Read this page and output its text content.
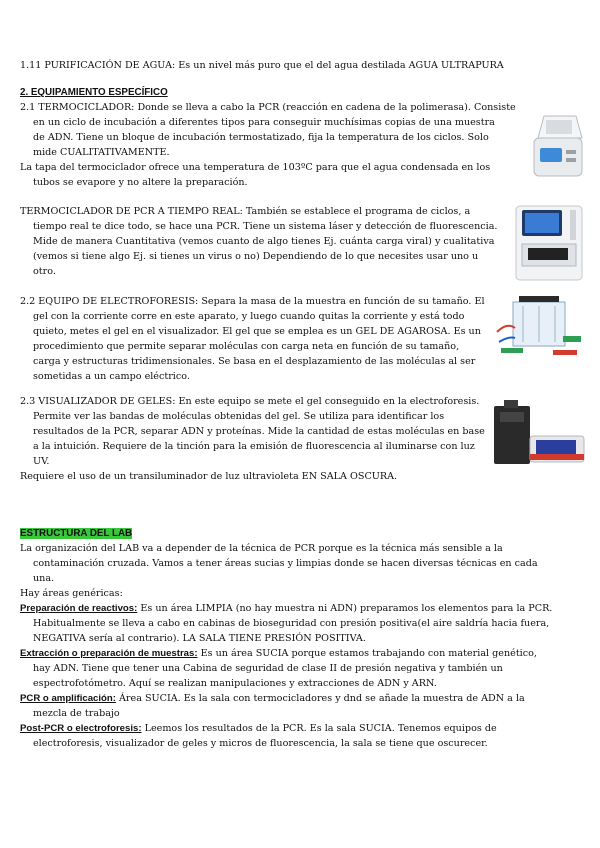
1.11 PURIFICACIÓN DE AGUA: Es un nivel más puro que el del agua destilada AGUA ULTRAPURA
2. EQUIPAMIENTO ESPECÍFICO
2.1 TERMOCICLADOR: Donde se lleva a cabo la PCR (reacción en cadena de la polimerasa). Consiste
en un ciclo de incubación a diferentes tipos para conseguir muchísimas copias de una muestra
de ADN. Tiene un bloque de incubación termostatizado, fija la temperatura de los ciclos. Solo
mide CUALITATIVAMENTE.
La tapa del termociclador ofrece una temperatura de 103ºC para que el agua condensada en los
tubos se evapore y no altere la preparación.
TERMOCICLADOR DE PCR A TIEMPO REAL: También se establece el programa de ciclos, a
tiempo real te dice todo, se hace una PCR. Tiene un sistema láser y detección de fluorescencia.
Mide de manera Cuantitativa (vemos cuanto de algo tienes Ej. cuánta carga viral) y cualitativa
(vemos si tiene algo Ej. si tienes un virus o no) Dependiendo de lo que necesites usar uno u
otro.
2.2 EQUIPO DE ELECTROFORESIS: Separa la masa de la muestra en función de su tamaño. El
gel con la corriente corre en este aparato, y luego cuando quitas la corriente y está todo
quieto, metes el gel en el visualizador. El gel que se emplea es un GEL DE AGAROSA. Es un
procedimiento que permite separar moléculas con carga neta en función de su tamaño,
carga y estructuras tridimensionales. Se basa en el desplazamiento de las moléculas al ser
sometidas a un campo eléctrico.
2.3 VISUALIZADOR DE GELES: En este equipo se mete el gel conseguido en la electroforesis.
Permite ver las bandas de moléculas obtenidas del gel. Se utiliza para identificar los
resultados de la PCR, separar ADN y proteínas. Mide la cantidad de estas moléculas en base
a la intuición. Requiere de la tinción para la emisión de fluorescencia al iluminarse con luz
UV.
Requiere el uso de un transiluminador de luz ultravioleta EN SALA OSCURA.
ESTRUCTURA DEL LAB
La organización del LAB va a depender de la técnica de PCR porque es la técnica más sensible a la
contaminación cruzada. Vamos a tener áreas sucias y limpias donde se hacen diversas técnicas en cada
una.
Hay áreas genéricas:
Preparación de reactivos: Es un área LIMPIA (no hay muestra ni ADN) preparamos los elementos para la PCR.
Habitualmente se lleva a cabo en cabinas de bioseguridad con presión positiva(el aire saldría hacia fuera,
NEGATIVA sería al contrario). LA SALA TIENE PRESIÓN POSITIVA.
Extracción o preparación de muestras: Es un área SUCIA porque estamos trabajando con material genético,
hay ADN. Tiene que tener una Cabina de seguridad de clase II de presión negativa y también un
espectrofotómetro. Aquí se realizan manipulaciones y extracciones de ADN y ARN.
PCR o amplificación: Área SUCIA. Es la sala con termocicladores y dnd se añade la muestra de ADN a la
mezcla de trabajo
Post-PCR o electroforesis: Leemos los resultados de la PCR. Es la sala SUCIA. Tenemos equipos de
electroforesis, visualizador de geles y micros de fluorescencia, la sala se tiene que oscurecer.
